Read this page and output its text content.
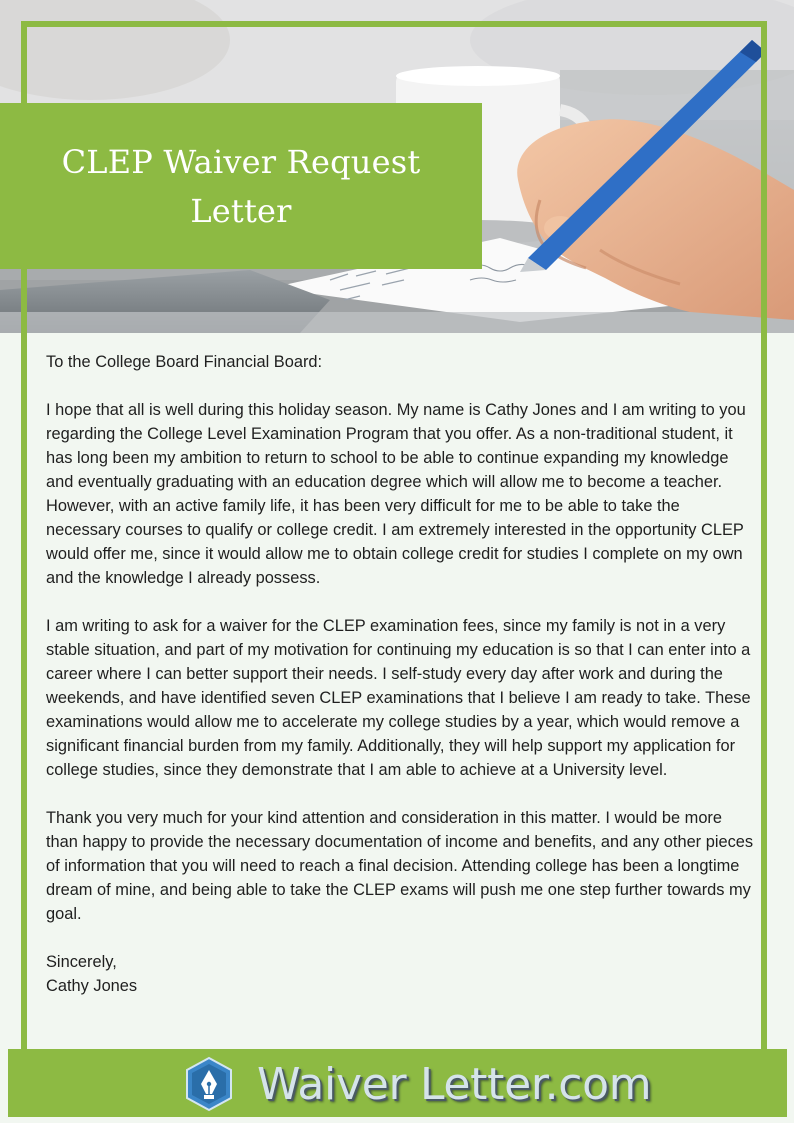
CLEP Waiver Request
Letter

To the College Board Financial Board:

I hope that all is well during this holiday season. My name is Cathy Jones and I am writing to you regarding the College Level Examination Program that you offer. As a non-traditional student, it has long been my ambition to return to school to be able to continue expanding my knowledge and eventually graduating with an education degree which will allow me to become a teacher. However, with an active family life, it has been very difficult for me to be able to take the necessary courses to qualify or college credit. I am extremely interested in the opportunity CLEP would offer me, since it would allow me to obtain college credit for studies I complete on my own and the knowledge I already possess.

I am writing to ask for a waiver for the CLEP examination fees, since my family is not in a very stable situation, and part of my motivation for continuing my education is so that I can enter into a career where I can better support their needs. I self-study every day after work and during the weekends, and have identified seven CLEP examinations that I believe I am ready to take. These examinations would allow me to accelerate my college studies by a year, which would remove a significant financial burden from my family. Additionally, they will help support my application for college studies, since they demonstrate that I am able to achieve at a University level.

Thank you very much for your kind attention and consideration in this matter. I would be more than happy to provide the necessary documentation of income and benefits, and any other pieces of information that you will need to reach a final decision. Attending college has been a longtime dream of mine, and being able to take the CLEP exams will push me one step further towards my goal.

Sincerely,

Cathy Jones

Waiver Letter.com
